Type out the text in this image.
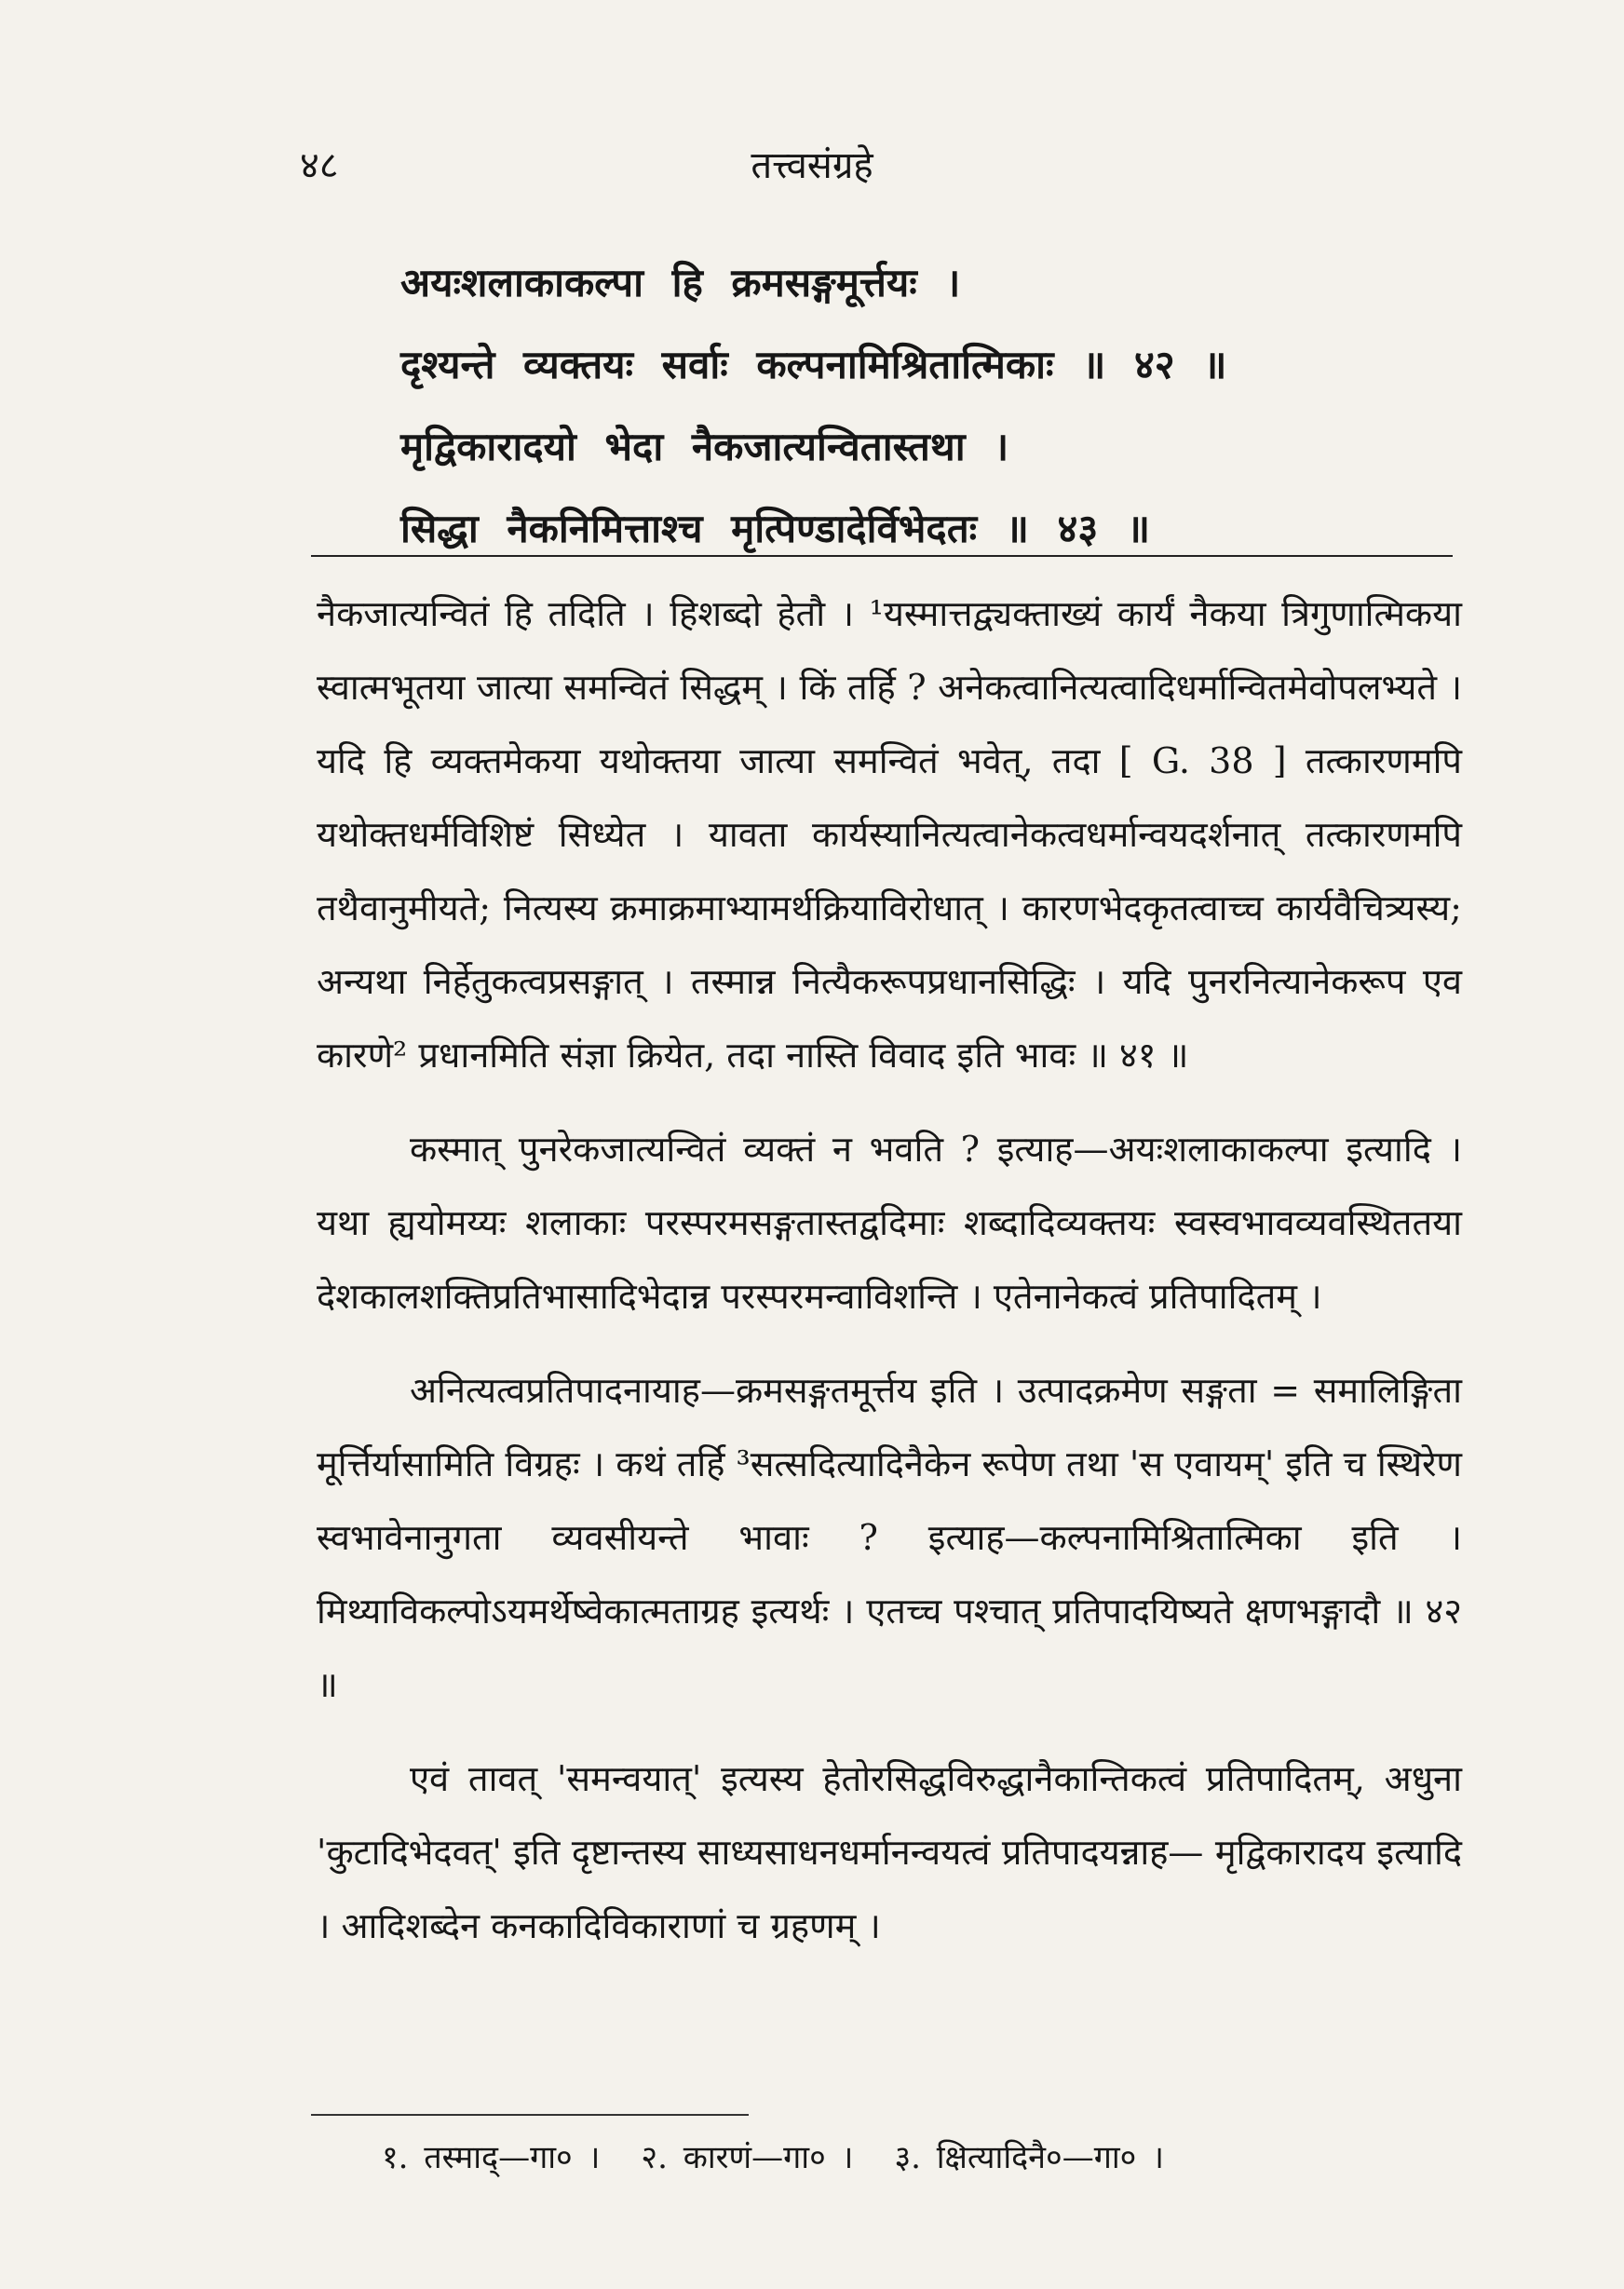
४८	तत्त्वसंग्रहे
अयःशलाकाकल्पा हि क्रमसङ्गमूर्त्तयः ।
दृश्यन्ते व्यक्तयः सर्वाः कल्पनामिश्रितात्मिकाः ॥ ४२ ॥
मृद्विकारादयो भेदा नैकजात्यन्वितास्तथा ।
सिद्धा नैकनिमित्ताश्च मृत्पिण्डादेर्विभेदतः ॥ ४३ ॥

नैकजात्यन्वितं हि तदिति । हिशब्दो हेतौ । ¹यस्मात्तद्व्यक्ताख्यं कार्यं नैकया त्रिगुणात्मिकया स्वात्मभूतया जात्या समन्वितं सिद्धम् । किं तर्हि ? अनेकत्वानित्यत्वादिधर्मान्वितमेवोपलभ्यते । यदि हि व्यक्तमेकया यथोक्तया जात्या समन्वितं भवेत्, तदा [ G. 38 ] तत्कारणमपि यथोक्तधर्मविशिष्टं सिध्येत । यावता कार्यस्यानित्यत्वानेकत्वधर्मान्वयदर्शनात् तत्कारणमपि तथैवानुमीयते; नित्यस्य क्रमाक्रमाभ्यामर्थक्रियाविरोधात् । कारणभेदकृतत्वाच्च कार्यवैचित्र्यस्य; अन्यथा निर्हेतुकत्वप्रसङ्गात् । तस्मान्न नित्यैकरूपप्रधानसिद्धिः । यदि पुनरनित्यानेकरूप एव कारणे² प्रधानमिति संज्ञा क्रियेत, तदा नास्ति विवाद इति भावः ॥ ४१ ॥

कस्मात् पुनरेकजात्यन्वितं व्यक्तं न भवति ? इत्याह—अयःशलाकाकल्पा इत्यादि । यथा ह्ययोमय्यः शलाकाः परस्परमसङ्गतास्तद्वदिमाः शब्दादिव्यक्तयः स्वस्वभावव्यवस्थिततया देशकालशक्तिप्रतिभासादिभेदान्न परस्परमन्वाविशन्ति । एतेनानेकत्वं प्रतिपादितम् ।

अनित्यत्वप्रतिपादनायाह—क्रमसङ्गतमूर्त्तय इति । उत्पादक्रमेण सङ्गता = समालिङ्गिता मूर्त्तिर्यासामिति विग्रहः । कथं तर्हि ³सत्सदित्यादिनैकेन रूपेण तथा 'स एवायम्' इति च स्थिरेण स्वभावेनानुगता व्यवसीयन्ते भावाः ? इत्याह—कल्पनामिश्रितात्मिका इति । मिथ्याविकल्पोऽयमर्थेष्वेकात्मताग्रह इत्यर्थः । एतच्च पश्चात् प्रतिपादयिष्यते क्षणभङ्गादौ ॥ ४२ ॥

एवं तावत् 'समन्वयात्' इत्यस्य हेतोरसिद्धविरुद्धानैकान्तिकत्वं प्रतिपादितम्, अधुना 'कुटादिभेदवत्' इति दृष्टान्तस्य साध्यसाधनधर्मानन्वयत्वं प्रतिपादयन्नाह— मृद्विकारादय इत्यादि । आदिशब्देन कनकादिविकाराणां च ग्रहणम् ।

१. तस्माद्—गा० । २. कारणं—गा० । ३. क्षित्यादिनै०—गा० ।
